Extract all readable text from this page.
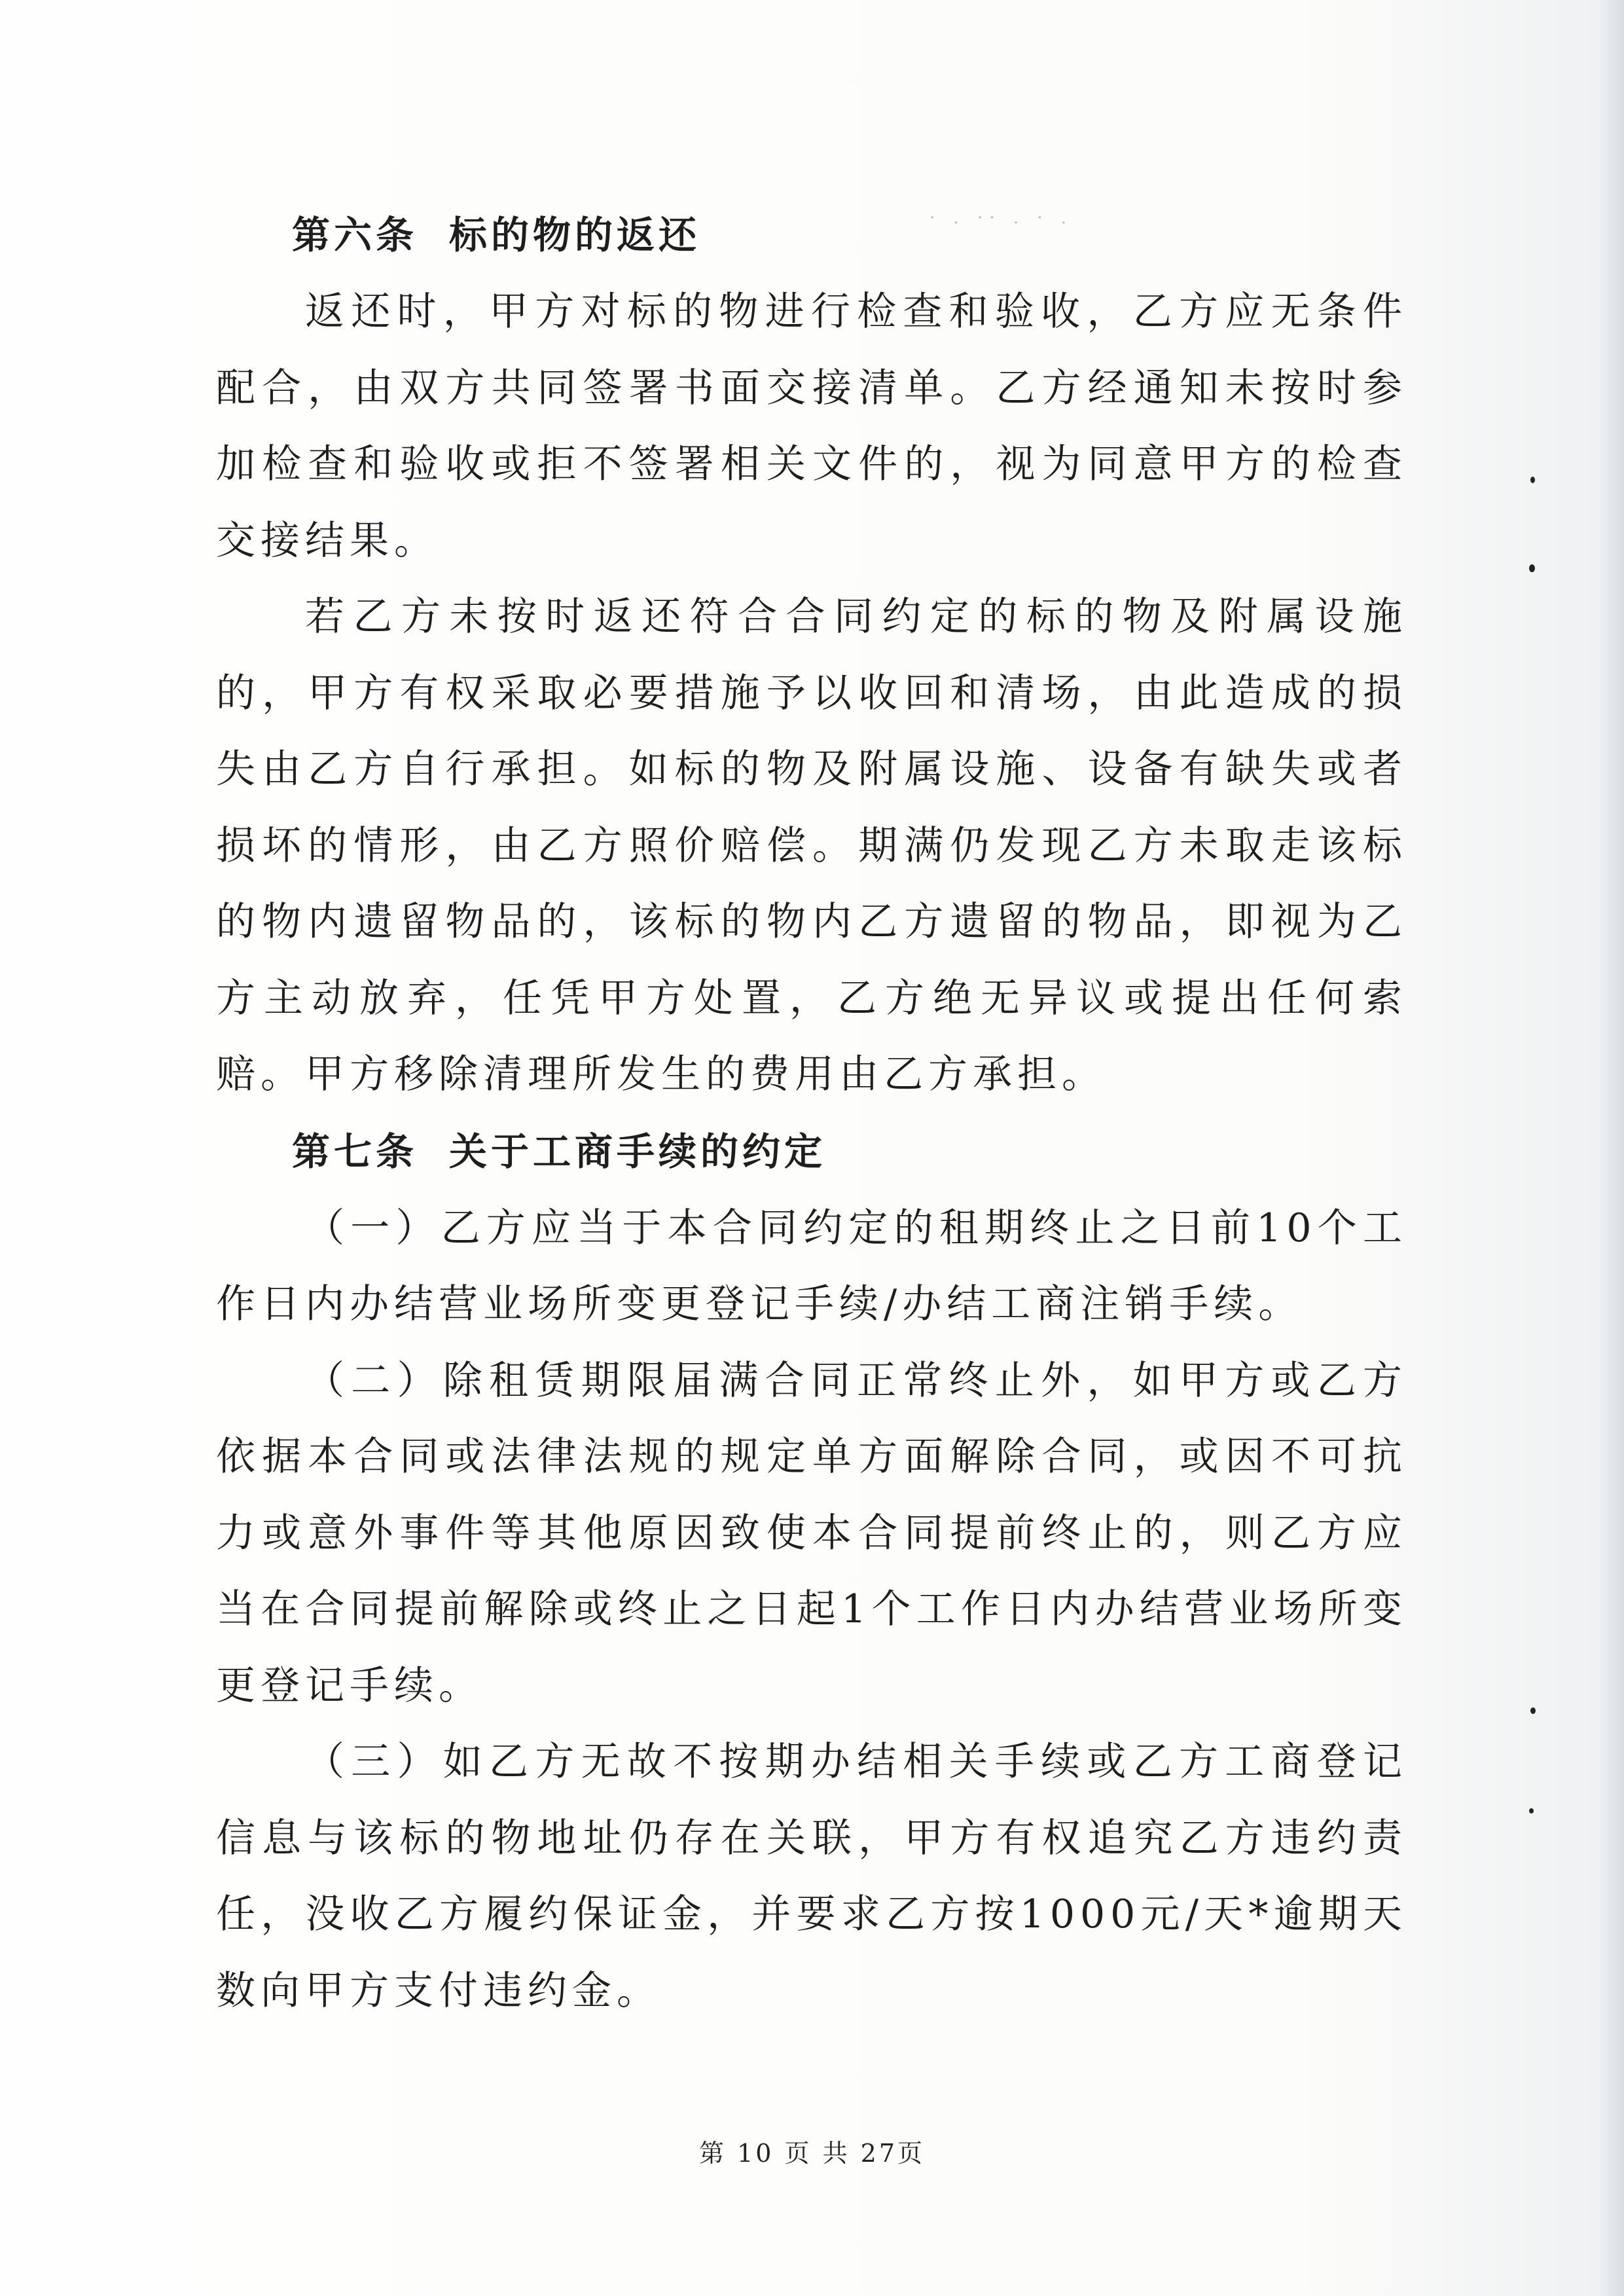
· . ·· . · .
第六条 标的物的返还

返还时，甲方对标的物进行检查和验收，乙方应无条件配合，由双方共同签署书面交接清单。乙方经通知未按时参加检查和验收或拒不签署相关文件的，视为同意甲方的检查交接结果。

若乙方未按时返还符合合同约定的标的物及附属设施的，甲方有权采取必要措施予以收回和清场，由此造成的损失由乙方自行承担。如标的物及附属设施、设备有缺失或者损坏的情形，由乙方照价赔偿。期满仍发现乙方未取走该标的物内遗留物品的，该标的物内乙方遗留的物品，即视为乙方主动放弃，任凭甲方处置，乙方绝无异议或提出任何索赔。甲方移除清理所发生的费用由乙方承担。

第七条 关于工商手续的约定

（一）乙方应当于本合同约定的租期终止之日前10个工作日内办结营业场所变更登记手续/办结工商注销手续。

（二）除租赁期限届满合同正常终止外，如甲方或乙方依据本合同或法律法规的规定单方面解除合同，或因不可抗力或意外事件等其他原因致使本合同提前终止的，则乙方应当在合同提前解除或终止之日起1个工作日内办结营业场所变更登记手续。

（三）如乙方无故不按期办结相关手续或乙方工商登记信息与该标的物地址仍存在关联，甲方有权追究乙方违约责任，没收乙方履约保证金，并要求乙方按1000元/天*逾期天数向甲方支付违约金。

第 10 页 共 27页
